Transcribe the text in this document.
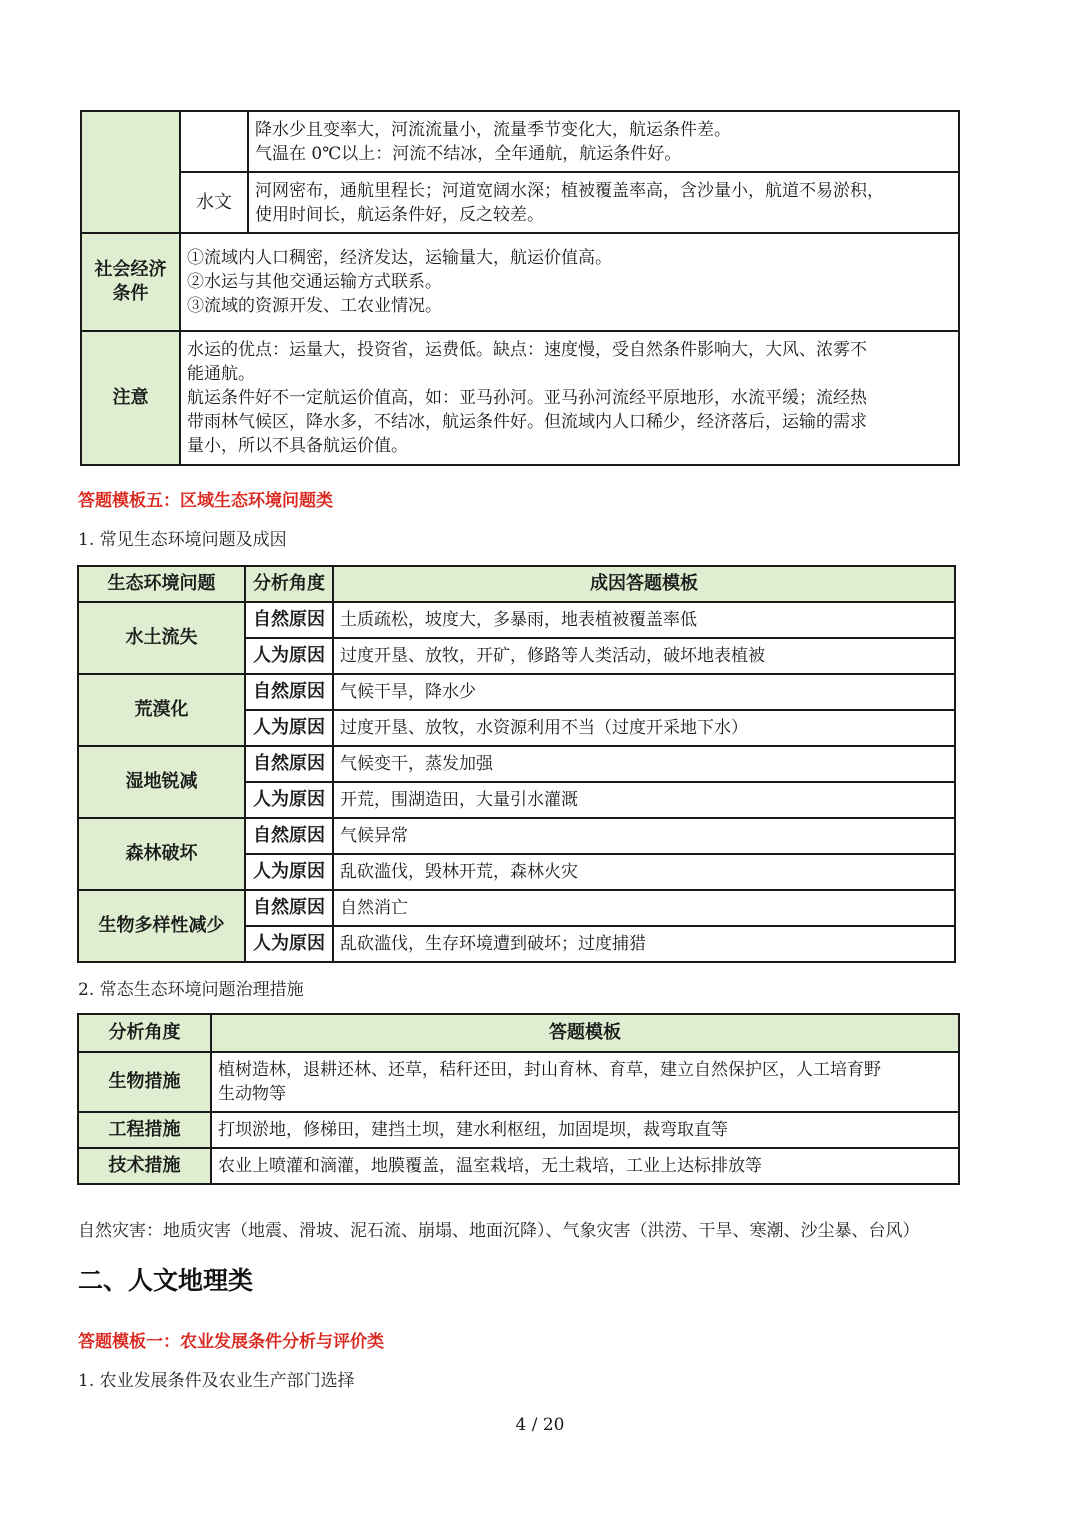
		降水少且变率大，河流流量小，流量季节变化大，航运条件差。
气温在 0℃以上：河流不结冰，全年通航，航运条件好。

	水文	河网密布，通航里程长；河道宽阔水深；植被覆盖率高，含沙量小，航道不易淤积，
使用时间长，航运条件好，反之较差。

社会经济
条件	①流域内人口稠密，经济发达，运输量大，航运价值高。
②水运与其他交通运输方式联系。
③流域的资源开发、工农业情况。	

注意	水运的优点：运量大，投资省，运费低。缺点：速度慢，受自然条件影响大，大风、浓雾不
能通航。
航运条件好不一定航运价值高，如：亚马孙河。亚马孙河流经平原地形，水流平缓；流经热
带雨林气候区，降水多，不结冰，航运条件好。但流域内人口稀少，经济落后，运输的需求
量小，所以不具备航运价值。	
答题模板五：区域生态环境问题类
1. 常见生态环境问题及成因
生态环境问题	分析角度	成因答题模板
水土流失	自然原因	土质疏松，坡度大，多暴雨，地表植被覆盖率低
	人为原因	过度开垦、放牧，开矿，修路等人类活动，破坏地表植被
荒漠化	自然原因	气候干旱，降水少
	人为原因	过度开垦、放牧，水资源利用不当（过度开采地下水）
湿地锐减	自然原因	气候变干，蒸发加强
	人为原因	开荒，围湖造田，大量引水灌溉
森林破坏	自然原因	气候异常
	人为原因	乱砍滥伐，毁林开荒，森林火灾
生物多样性减少	自然原因	自然消亡
	人为原因	乱砍滥伐，生存环境遭到破坏；过度捕猎
2. 常态生态环境问题治理措施
分析角度	答题模板
生物措施	植树造林，退耕还林、还草，秸秆还田，封山育林、育草，建立自然保护区，人工培育野
生动物等

工程措施	打坝淤地，修梯田，建挡土坝，建水利枢纽，加固堤坝，裁弯取直等

技术措施	农业上喷灌和滴灌，地膜覆盖，温室栽培，无土栽培，工业上达标排放等
自然灾害：地质灾害（地震、滑坡、泥石流、崩塌、地面沉降）、气象灾害（洪涝、干旱、寒潮、沙尘暴、台风）
二、人文地理类
答题模板一：农业发展条件分析与评价类
1. 农业发展条件及农业生产部门选择
4 / 20
